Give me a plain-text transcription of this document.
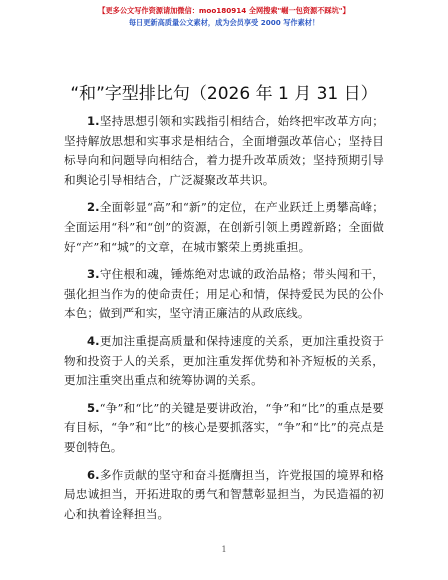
【更多公文写作资源请加微信：moo180914 全网搜索"崛一包资源不踩坑"】
每日更新高质量公文素材，成为会员享受 2000 写作素材！
“和”字型排比句（2026 年 1 月 31 日）

1.坚持思想引领和实践指引相结合，始终把牢改革方向；坚持解放思想和实事求是相结合，全面增强改革信心；坚持目标导向和问题导向相结合，着力提升改革质效；坚持预期引导和舆论引导相结合，广泛凝聚改革共识。

2.全面彰显“高”和“新”的定位，在产业跃迁上勇攀高峰；全面运用“科”和“创”的资源，在创新引领上勇蹚新路；全面做好“产”和“城”的文章，在城市繁荣上勇挑重担。

3.守住根和魂，锤炼绝对忠诚的政治品格；带头闯和干，强化担当作为的使命责任；用足心和情，保持爱民为民的公仆本色；做到严和实，坚守清正廉洁的从政底线。

4.更加注重提高质量和保持速度的关系，更加注重投资于物和投资于人的关系，更加注重发挥优势和补齐短板的关系，更加注重突出重点和统筹协调的关系。

5.“争”和“比”的关键是要讲政治，“争”和“比”的重点是要有目标，“争”和“比”的核心是要抓落实，“争”和“比”的亮点是要创特色。

6.多作贡献的坚守和奋斗挺膺担当，许党报国的境界和格局忠诚担当，开拓进取的勇气和智慧彰显担当，为民造福的初心和执着诠释担当。

1
